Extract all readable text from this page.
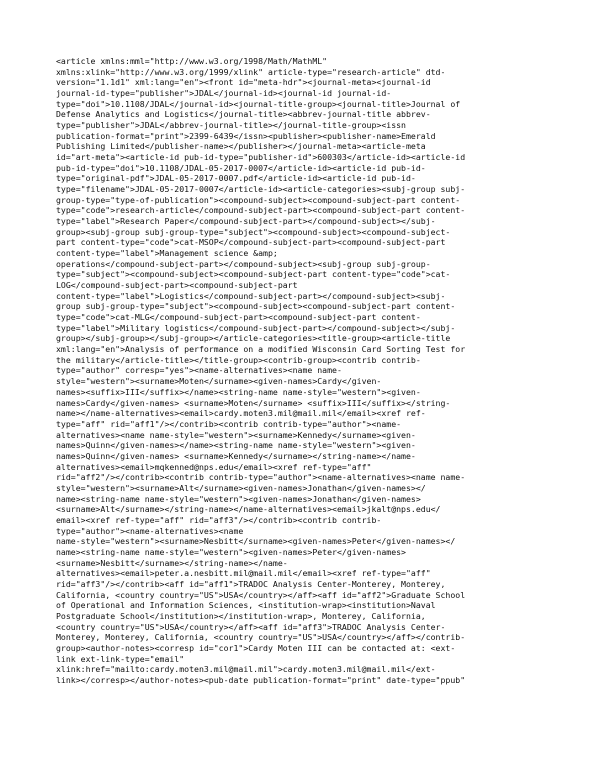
<article xmlns:mml="http://www.w3.org/1998/Math/MathML"
xmlns:xlink="http://www.w3.org/1999/xlink" article-type="research-article" dtd-
version="1.1d1" xml:lang="en"><front id="meta-hdr"><journal-meta><journal-id
journal-id-type="publisher">JDAL</journal-id><journal-id journal-id-
type="doi">10.1108/JDAL</journal-id><journal-title-group><journal-title>Journal of
Defense Analytics and Logistics</journal-title><abbrev-journal-title abbrev-
type="publisher">JDAL</abbrev-journal-title></journal-title-group><issn
publication-format="print">2399-6439</issn><publisher><publisher-name>Emerald
Publishing Limited</publisher-name></publisher></journal-meta><article-meta
id="art-meta"><article-id pub-id-type="publisher-id">600303</article-id><article-id
pub-id-type="doi">10.1108/JDAL-05-2017-0007</article-id><article-id pub-id-
type="original-pdf">JDAL-05-2017-0007.pdf</article-id><article-id pub-id-
type="filename">JDAL-05-2017-0007</article-id><article-categories><subj-group subj-
group-type="type-of-publication"><compound-subject><compound-subject-part content-
type="code">research-article</compound-subject-part><compound-subject-part content-
type="label">Research Paper</compound-subject-part></compound-subject></subj-
group><subj-group subj-group-type="subject"><compound-subject><compound-subject-
part content-type="code">cat-MSOP</compound-subject-part><compound-subject-part
content-type="label">Management science &amp;
operations</compound-subject-part></compound-subject><subj-group subj-group-
type="subject"><compound-subject><compound-subject-part content-type="code">cat-
LOG</compound-subject-part><compound-subject-part
content-type="label">Logistics</compound-subject-part></compound-subject><subj-
group subj-group-type="subject"><compound-subject><compound-subject-part content-
type="code">cat-MLG</compound-subject-part><compound-subject-part content-
type="label">Military logistics</compound-subject-part></compound-subject></subj-
group></subj-group></subj-group></article-categories><title-group><article-title
xml:lang="en">Analysis of performance on a modified Wisconsin Card Sorting Test for
the military</article-title></title-group><contrib-group><contrib contrib-
type="author" corresp="yes"><name-alternatives><name name-
style="western"><surname>Moten</surname><given-names>Cardy</given-
names><suffix>III</suffix></name><string-name name-style="western"><given-
names>Cardy</given-names> <surname>Moten</surname> <suffix>III</suffix></string-
name></name-alternatives><email>cardy.moten3.mil@mail.mil</email><xref ref-
type="aff" rid="aff1"/></contrib><contrib contrib-type="author"><name-
alternatives><name name-style="western"><surname>Kennedy</surname><given-
names>Quinn</given-names></name><string-name name-style="western"><given-
names>Quinn</given-names> <surname>Kennedy</surname></string-name></name-
alternatives><email>mqkenned@nps.edu</email><xref ref-type="aff"
rid="aff2"/></contrib><contrib contrib-type="author"><name-alternatives><name name-
style="western"><surname>Alt</surname><given-names>Jonathan</given-names></
name><string-name name-style="western"><given-names>Jonathan</given-names>
<surname>Alt</surname></string-name></name-alternatives><email>jkalt@nps.edu</
email><xref ref-type="aff" rid="aff3"/></contrib><contrib contrib-
type="author"><name-alternatives><name
name-style="western"><surname>Nesbitt</surname><given-names>Peter</given-names></
name><string-name name-style="western"><given-names>Peter</given-names>
<surname>Nesbitt</surname></string-name></name-
alternatives><email>peter.a.nesbitt.mil@mail.mil</email><xref ref-type="aff"
rid="aff3"/></contrib><aff id="aff1">TRADOC Analysis Center-Monterey, Monterey,
California, <country country="US">USA</country></aff><aff id="aff2">Graduate School
of Operational and Information Sciences, <institution-wrap><institution>Naval
Postgraduate School</institution></institution-wrap>, Monterey, California,
<country country="US">USA</country></aff><aff id="aff3">TRADOC Analysis Center-
Monterey, Monterey, California, <country country="US">USA</country></aff></contrib-
group><author-notes><corresp id="cor1">Cardy Moten III can be contacted at: <ext-
link ext-link-type="email"
xlink:href="mailto:cardy.moten3.mil@mail.mil">cardy.moten3.mil@mail.mil</ext-
link></corresp></author-notes><pub-date publication-format="print" date-type="ppub"
